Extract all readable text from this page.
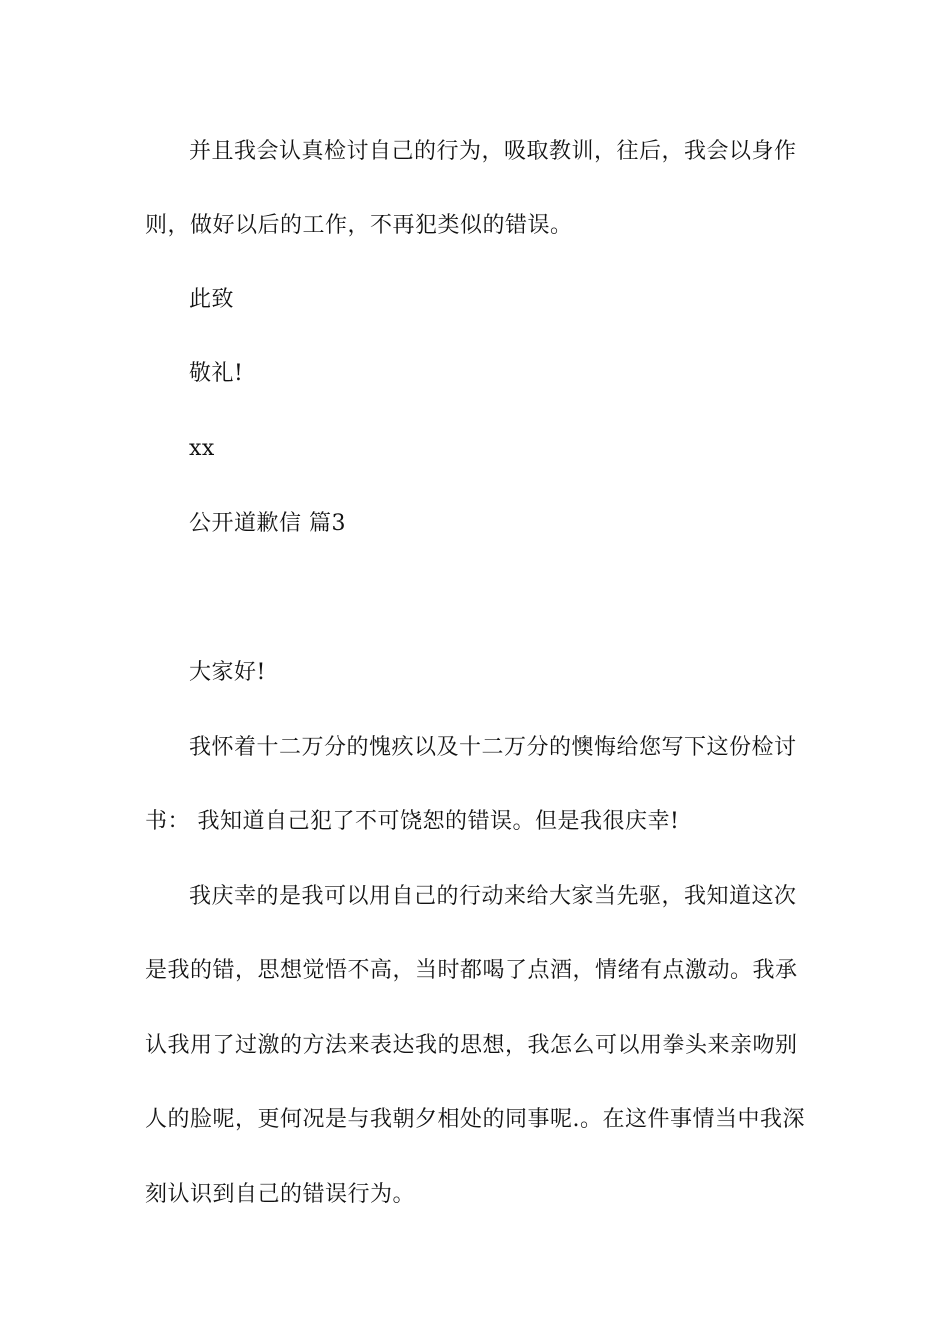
并且我会认真检讨自己的行为，吸取教训，往后，我会以身作
则，做好以后的工作，不再犯类似的错误。
此致
敬礼!
xx
公开道歉信 篇3
大家好!
我怀着十二万分的愧疚以及十二万分的懊悔给您写下这份检讨
书： 我知道自己犯了不可饶恕的错误。但是我很庆幸!
我庆幸的是我可以用自己的行动来给大家当先驱，我知道这次
是我的错，思想觉悟不高，当时都喝了点酒，情绪有点激动。我承
认我用了过激的方法来表达我的思想，我怎么可以用拳头来亲吻别
人的脸呢，更何况是与我朝夕相处的同事呢.。在这件事情当中我深
刻认识到自己的错误行为。
